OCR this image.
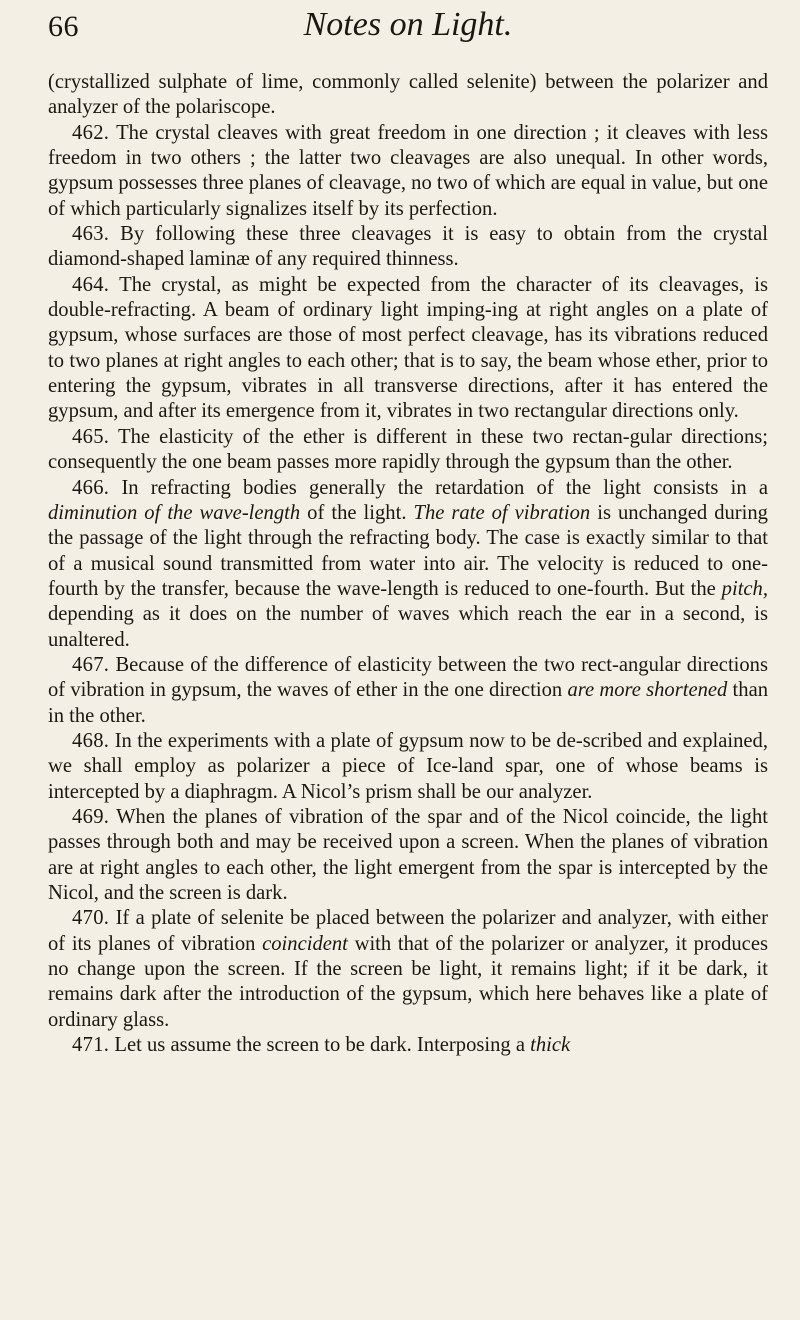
66	Notes on Light.

(crystallized sulphate of lime, commonly called selenite) between the polarizer and analyzer of the polariscope.

462. The crystal cleaves with great freedom in one direction ; it cleaves with less freedom in two others ; the latter two cleavages are also unequal. In other words, gypsum possesses three planes of cleavage, no two of which are equal in value, but one of which particularly signalizes itself by its perfection.

463. By following these three cleavages it is easy to obtain from the crystal diamond-shaped laminæ of any required thinness.

464. The crystal, as might be expected from the character of its cleavages, is double-refracting. A beam of ordinary light imping-ing at right angles on a plate of gypsum, whose surfaces are those of most perfect cleavage, has its vibrations reduced to two planes at right angles to each other; that is to say, the beam whose ether, prior to entering the gypsum, vibrates in all transverse directions, after it has entered the gypsum, and after its emergence from it, vibrates in two rectangular directions only.

465. The elasticity of the ether is different in these two rectan-gular directions; consequently the one beam passes more rapidly through the gypsum than the other.

466. In refracting bodies generally the retardation of the light consists in a diminution of the wave-length of the light. The rate of vibration is unchanged during the passage of the light through the refracting body. The case is exactly similar to that of a musical sound transmitted from water into air. The velocity is reduced to one-fourth by the transfer, because the wave-length is reduced to one-fourth. But the pitch, depending as it does on the number of waves which reach the ear in a second, is unaltered.

467. Because of the difference of elasticity between the two rect-angular directions of vibration in gypsum, the waves of ether in the one direction are more shortened than in the other.

468. In the experiments with a plate of gypsum now to be de-scribed and explained, we shall employ as polarizer a piece of Ice-land spar, one of whose beams is intercepted by a diaphragm. A Nicol’s prism shall be our analyzer.

469. When the planes of vibration of the spar and of the Nicol coincide, the light passes through both and may be received upon a screen. When the planes of vibration are at right angles to each other, the light emergent from the spar is intercepted by the Nicol, and the screen is dark.

470. If a plate of selenite be placed between the polarizer and analyzer, with either of its planes of vibration coincident with that of the polarizer or analyzer, it produces no change upon the screen. If the screen be light, it remains light; if it be dark, it remains dark after the introduction of the gypsum, which here behaves like a plate of ordinary glass.

471. Let us assume the screen to be dark. Interposing a thick
